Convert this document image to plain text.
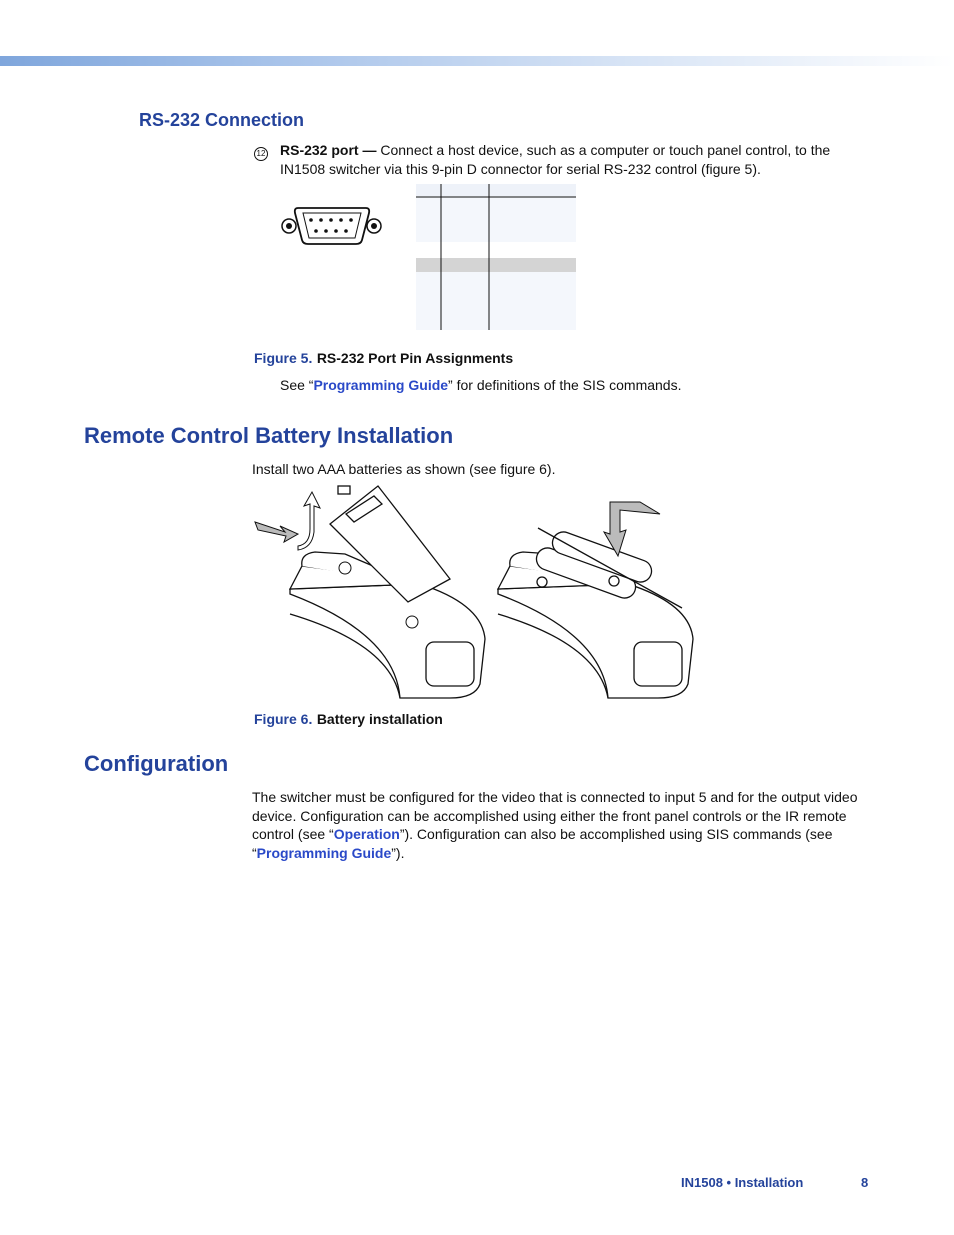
RS-232 Connection
12 RS-232 port — Connect a host device, such as a computer or touch panel control, to the IN1508 switcher via this 9-pin D connector for serial RS-232 control (figure 5).
Figure 5. RS-232 Port Pin Assignments
See “Programming Guide” for definitions of the SIS commands.
Remote Control Battery Installation
Install two AAA batteries as shown (see figure 6).
Figure 6. Battery installation
Configuration
The switcher must be configured for the video that is connected to input 5 and for the output video device. Configuration can be accomplished using either the front panel controls or the IR remote control (see “Operation”). Configuration can also be accomplished using SIS commands (see “Programming Guide”).
IN1508 • Installation	8
